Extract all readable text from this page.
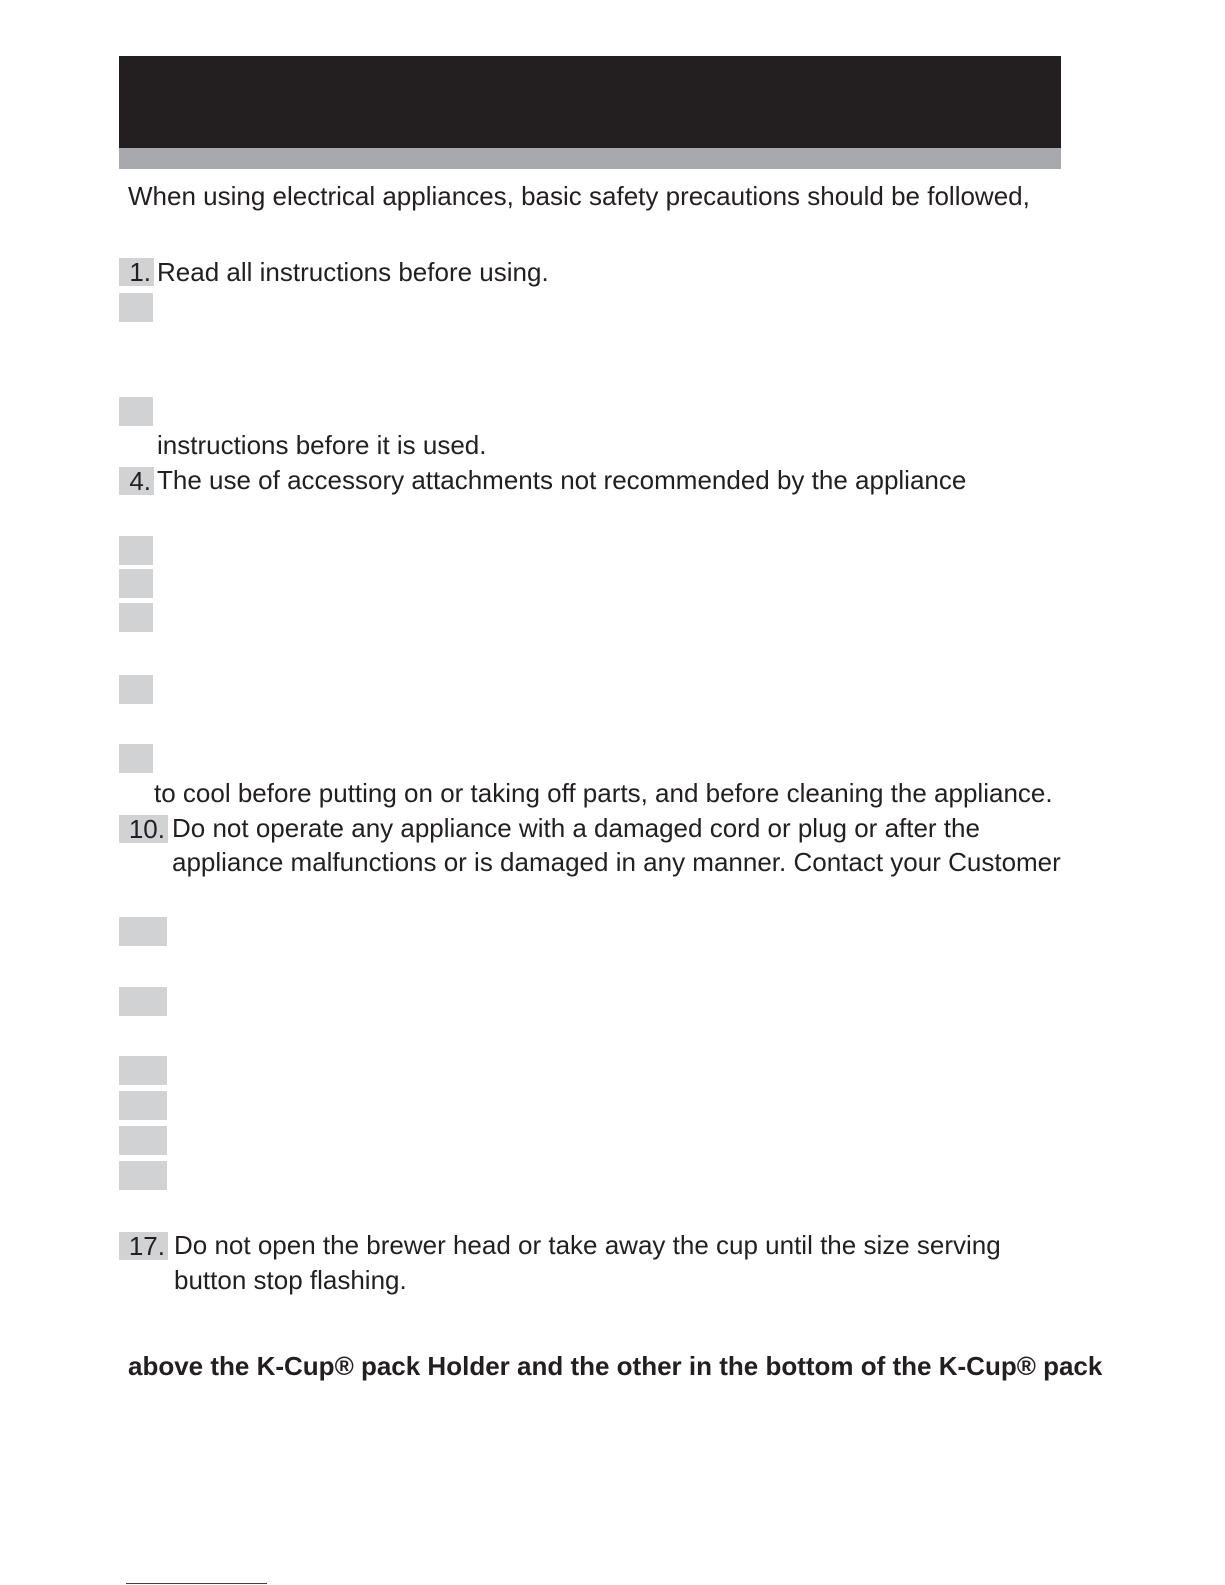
When using electrical appliances, basic safety precautions should be followed,
1. Read all instructions before using.
instructions before it is used.
4. The use of accessory attachments not recommended by the appliance
to cool before putting on or taking off parts, and before cleaning the appliance.
10. Do not operate any appliance with a damaged cord or plug or after the
appliance malfunctions or is damaged in any manner. Contact your Customer
17. Do not open the brewer head or take away the cup until the size serving
button stop flashing.
above the K-Cup® pack Holder and the other in the bottom of the K-Cup® pack
